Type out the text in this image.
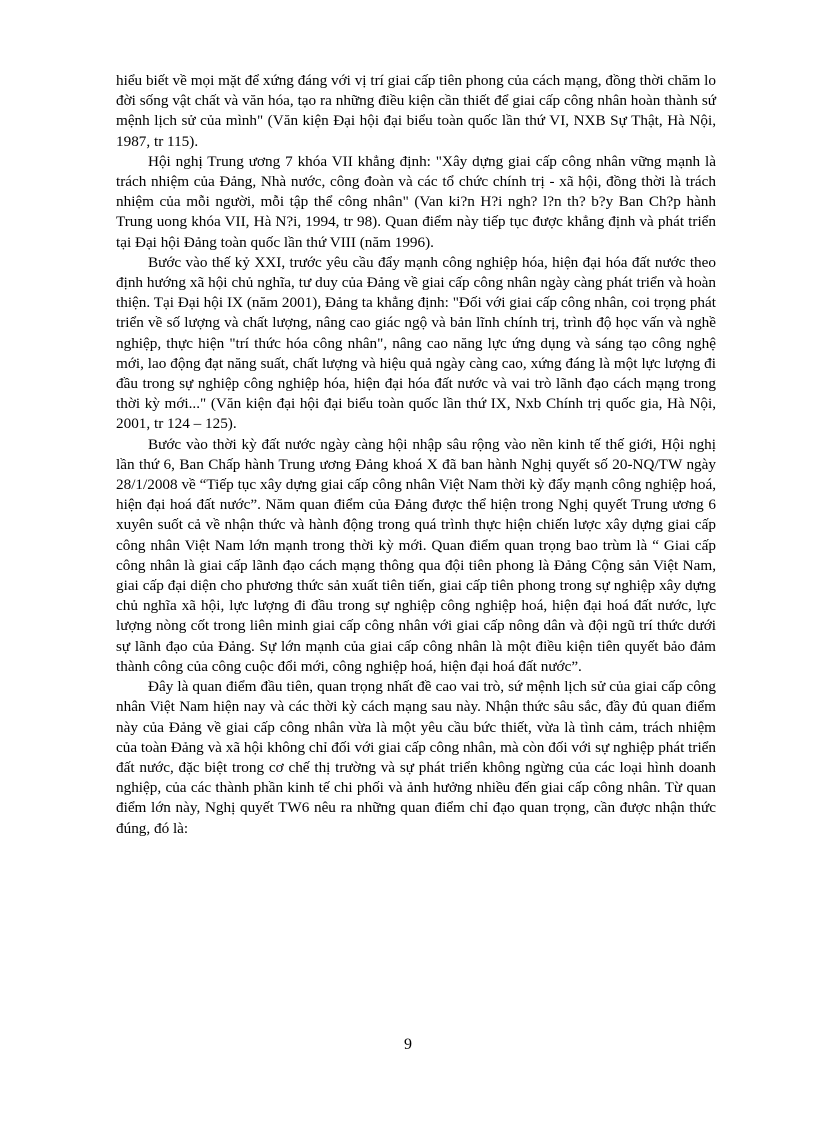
hiểu biết về mọi mặt để xứng đáng với vị trí giai cấp tiên phong của cách mạng, đồng thời chăm lo đời sống vật chất và văn hóa, tạo ra những điều kiện cần thiết để giai cấp công nhân hoàn thành sứ mệnh lịch sử của mình" (Văn kiện Đại hội đại biểu toàn quốc lần thứ VI, NXB Sự Thật, Hà Nội, 1987, tr 115).

Hội nghị Trung ương 7 khóa VII khẳng định: "Xây dựng giai cấp công nhân vững mạnh là trách nhiệm của Đảng, Nhà nước, công đoàn và các tổ chức chính trị - xã hội, đồng thời là trách nhiệm của mỗi người, mỗi tập thể công nhân" (Van ki?n H?i ngh? l?n th? b?y Ban Ch?p hành Trung uong khóa VII, Hà N?i, 1994, tr 98). Quan điểm này tiếp tục được khẳng định và phát triển tại Đại hội Đảng toàn quốc lần thứ VIII (năm 1996).

Bước vào thế kỷ XXI, trước yêu cầu đẩy mạnh công nghiệp hóa, hiện đại hóa đất nước theo định hướng xã hội chủ nghĩa, tư duy của Đảng về giai cấp công nhân ngày càng phát triển và hoàn thiện. Tại Đại hội IX (năm 2001), Đảng ta khẳng định: "Đối với giai cấp công nhân, coi trọng phát triển về số lượng và chất lượng, nâng cao giác ngộ và bản lĩnh chính trị, trình độ học vấn và nghề nghiệp, thực hiện "trí thức hóa công nhân", nâng cao năng lực ứng dụng và sáng tạo công nghệ mới, lao động đạt năng suất, chất lượng và hiệu quả ngày càng cao, xứng đáng là một lực lượng đi đầu trong sự nghiệp công nghiệp hóa, hiện đại hóa đất nước và vai trò lãnh đạo cách mạng trong thời kỳ mới..." (Văn kiện đại hội đại biểu toàn quốc lần thứ IX, Nxb Chính trị quốc gia, Hà Nội, 2001, tr 124 – 125).

Bước vào thời kỳ đất nước ngày càng hội nhập sâu rộng vào nền kinh tế thế giới, Hội nghị lần thứ 6, Ban Chấp hành Trung ương Đảng khoá X đã ban hành Nghị quyết số 20-NQ/TW ngày 28/1/2008 về “Tiếp tục xây dựng giai cấp công nhân Việt Nam thời kỳ đẩy mạnh công nghiệp hoá, hiện đại hoá đất nước”. Năm quan điểm của Đảng được thể hiện trong Nghị quyết Trung ương 6 xuyên suốt cả về nhận thức và hành động trong quá trình thực hiện chiến lược xây dựng giai cấp công nhân Việt Nam lớn mạnh trong thời kỳ mới. Quan điểm quan trọng bao trùm là “ Giai cấp công nhân là giai cấp lãnh đạo cách mạng thông qua đội tiên phong là Đảng Cộng sản Việt Nam, giai cấp đại diện cho phương thức sản xuất tiên tiến, giai cấp tiên phong trong sự nghiệp xây dựng chủ nghĩa xã hội, lực lượng đi đầu trong sự nghiệp công nghiệp hoá, hiện đại hoá đất nước, lực lượng nòng cốt trong liên minh giai cấp công nhân với giai cấp nông dân và đội ngũ trí thức dưới sự lãnh đạo của Đảng. Sự lớn mạnh của giai cấp công nhân là một điều kiện tiên quyết bảo đảm thành công của công cuộc đổi mới, công nghiệp hoá, hiện đại hoá đất nước”.

Đây là quan điểm đầu tiên, quan trọng nhất đề cao vai trò, sứ mệnh lịch sử của giai cấp công nhân Việt Nam hiện nay và các thời kỳ cách mạng sau này. Nhận thức sâu sắc, đầy đủ quan điểm này của Đảng về giai cấp công nhân vừa là một yêu cầu bức thiết, vừa là tình cảm, trách nhiệm của toàn Đảng và xã hội không chỉ đối với giai cấp công nhân, mà còn đối với sự nghiệp phát triển đất nước, đặc biệt trong cơ chế thị trường và sự phát triển không ngừng của các loại hình doanh nghiệp, của các thành phần kinh tế chi phối và ảnh hưởng nhiều đến giai cấp công nhân. Từ quan điểm lớn này, Nghị quyết TW6 nêu ra những quan điểm chỉ đạo quan trọng, cần được nhận thức đúng, đó là:

9
